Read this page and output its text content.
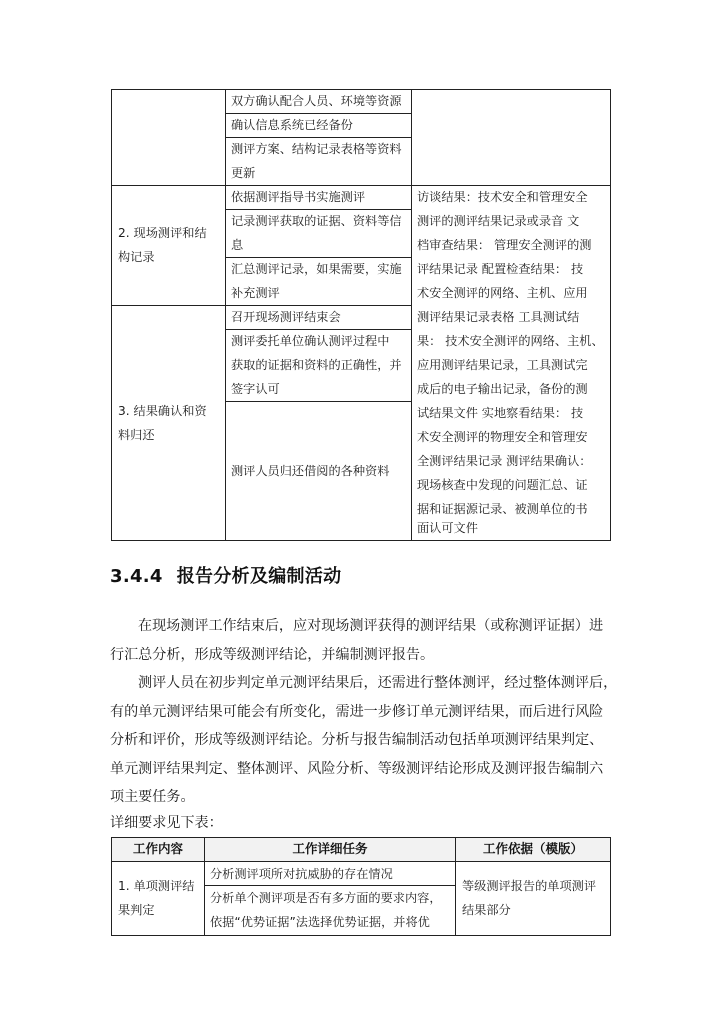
双方确认配合人员、环境等资源
确认信息系统已经备份
测评方案、结构记录表格等资料
更新
2. 现场测评和结
构记录
依据测评指导书实施测评
记录测评获取的证据、资料等信
息
汇总测评记录，如果需要，实施
补充测评
3. 结果确认和资
料归还
召开现场测评结束会
测评委托单位确认测评过程中
获取的证据和资料的正确性，并
签字认可
测评人员归还借阅的各种资料
访谈结果：技术安全和管理安全
测评的测评结果记录或录音 文
档审查结果： 管理安全测评的测
评结果记录 配置检查结果： 技
术安全测评的网络、主机、应用
测评结果记录表格 工具测试结
果： 技术安全测评的网络、主机、
应用测评结果记录，工具测试完
成后的电子输出记录，备份的测
试结果文件 实地察看结果： 技
术安全测评的物理安全和管理安
全测评结果记录 测评结果确认：
现场核查中发现的问题汇总、证
据和证据源记录、被测单位的书
面认可文件
3.4.4 报告分析及编制活动
在现场测评工作结束后，应对现场测评获得的测评结果（或称测评证据）进
行汇总分析，形成等级测评结论，并编制测评报告。
测评人员在初步判定单元测评结果后，还需进行整体测评，经过整体测评后，
有的单元测评结果可能会有所变化，需进一步修订单元测评结果，而后进行风险
分析和评价，形成等级测评结论。分析与报告编制活动包括单项测评结果判定、
单元测评结果判定、整体测评、风险分析、等级测评结论形成及测评报告编制六
项主要任务。
详细要求见下表：
工作内容	工作详细任务	工作依据（模版）
1. 单项测评结
果判定
分析测评项所对抗威胁的存在情况
分析单个测评项是否有多方面的要求内容，
依据“优势证据”法选择优势证据，并将优
等级测评报告的单项测评
结果部分
